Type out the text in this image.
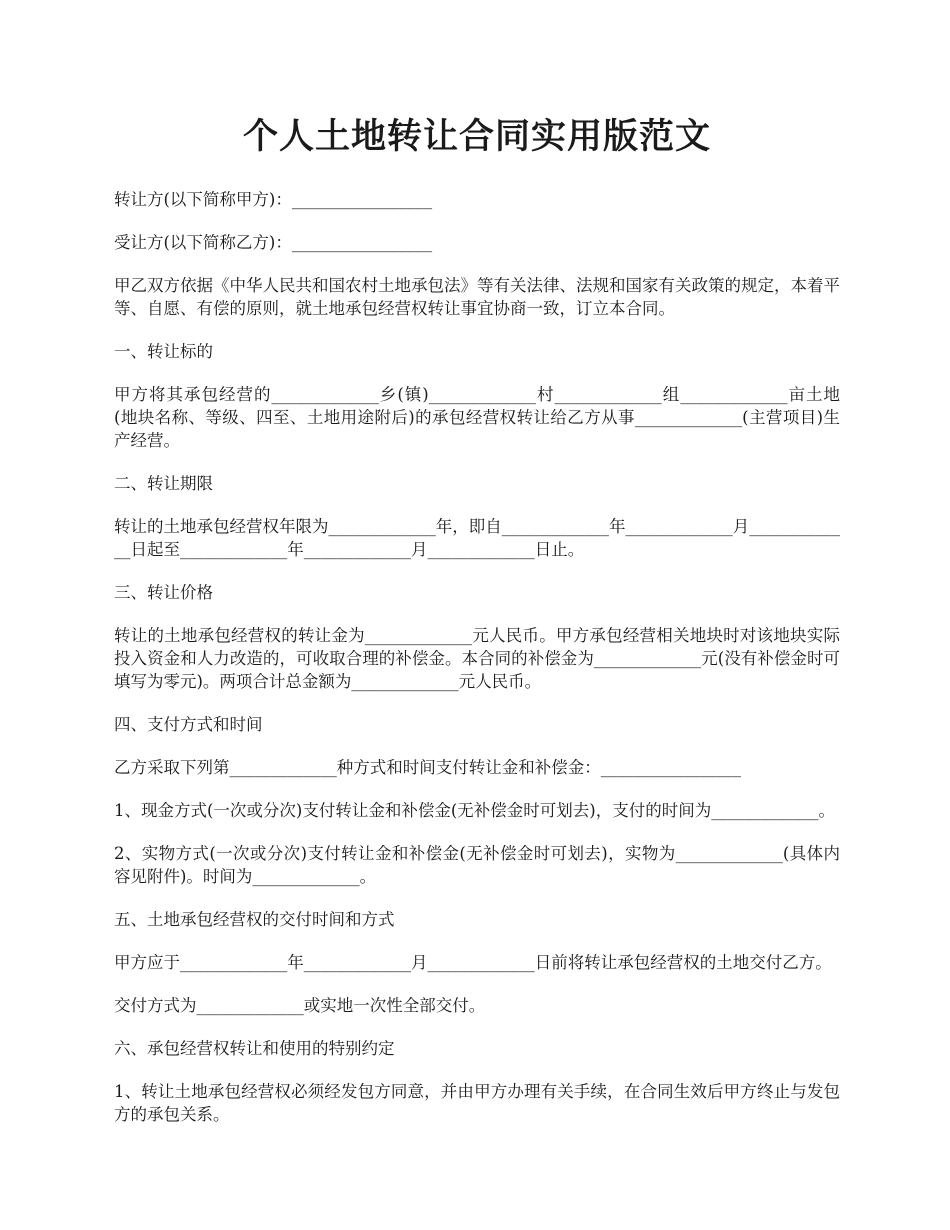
个人土地转让合同实用版范文

转让方(以下简称甲方)：_________________

受让方(以下简称乙方)：_________________

甲乙双方依据《中华人民共和国农村土地承包法》等有关法律、法规和国家有关政策的规定，本着平等、自愿、有偿的原则，就土地承包经营权转让事宜协商一致，订立本合同。

一、转让标的

甲方将其承包经营的_____________乡(镇)_____________村_____________组_____________亩土地(地块名称、等级、四至、土地用途附后)的承包经营权转让给乙方从事_____________(主营项目)生产经营。

二、转让期限

转让的土地承包经营权年限为_____________年，即自_____________年_____________月_____________日起至_____________年_____________月_____________日止。

三、转让价格

转让的土地承包经营权的转让金为_____________元人民币。甲方承包经营相关地块时对该地块实际投入资金和人力改造的，可收取合理的补偿金。本合同的补偿金为_____________元(没有补偿金时可填写为零元)。两项合计总金额为_____________元人民币。

四、支付方式和时间

乙方采取下列第_____________种方式和时间支付转让金和补偿金：_________________

1、现金方式(一次或分次)支付转让金和补偿金(无补偿金时可划去)，支付的时间为_____________。

2、实物方式(一次或分次)支付转让金和补偿金(无补偿金时可划去)，实物为_____________(具体内容见附件)。时间为_____________。

五、土地承包经营权的交付时间和方式

甲方应于_____________年_____________月_____________日前将转让承包经营权的土地交付乙方。

交付方式为_____________或实地一次性全部交付。

六、承包经营权转让和使用的特别约定

1、转让土地承包经营权必须经发包方同意，并由甲方办理有关手续，在合同生效后甲方终止与发包方的承包关系。
